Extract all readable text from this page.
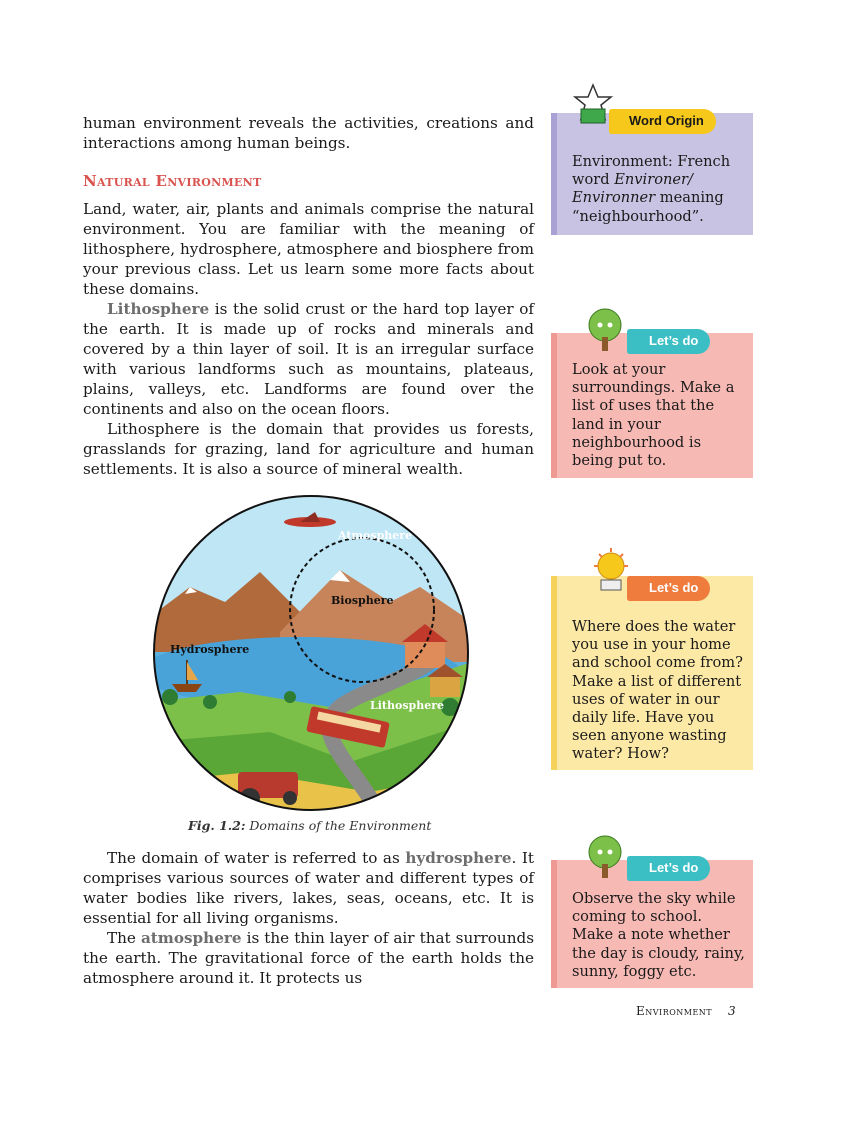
human environment reveals the activities, creations and interactions among human beings.

Natural Environment

Land, water, air, plants and animals comprise the natural environment. You are familiar with the meaning of lithosphere, hydrosphere, atmosphere and biosphere from your previous class. Let us learn some more facts about these domains.

Lithosphere is the solid crust or the hard top layer of the earth. It is made up of rocks and minerals and covered by a thin layer of soil. It is an irregular surface with various landforms such as mountains, plateaus, plains, valleys, etc. Landforms are found over the continents and also on the ocean floors.

Lithosphere is the domain that provides us forests, grasslands for grazing, land for agriculture and human settlements. It is also a source of mineral wealth.

Atmosphere
Biosphere
Hydrosphere
Lithosphere
Fig. 1.2: Domains of the Environment

The domain of water is referred to as hydrosphere. It comprises various sources of water and different types of water bodies like rivers, lakes, seas, oceans, etc. It is essential for all living organisms.

The atmosphere is the thin layer of air that surrounds the earth. The gravitational force of the earth holds the atmosphere around it. It protects us

Word Origin

Environment: French word Environer/ Environner meaning “neighbourhood”.

Let’s do

Look at your surroundings. Make a list of uses that the land in your neighbourhood is being put to.

Let’s do

Where does the water you use in your home and school come from? Make a list of different uses of water in our daily life. Have you seen anyone wasting water? How?

Let’s do

Observe the sky while coming to school. Make a note whether the day is cloudy, rainy, sunny, foggy etc.

Environment 3
